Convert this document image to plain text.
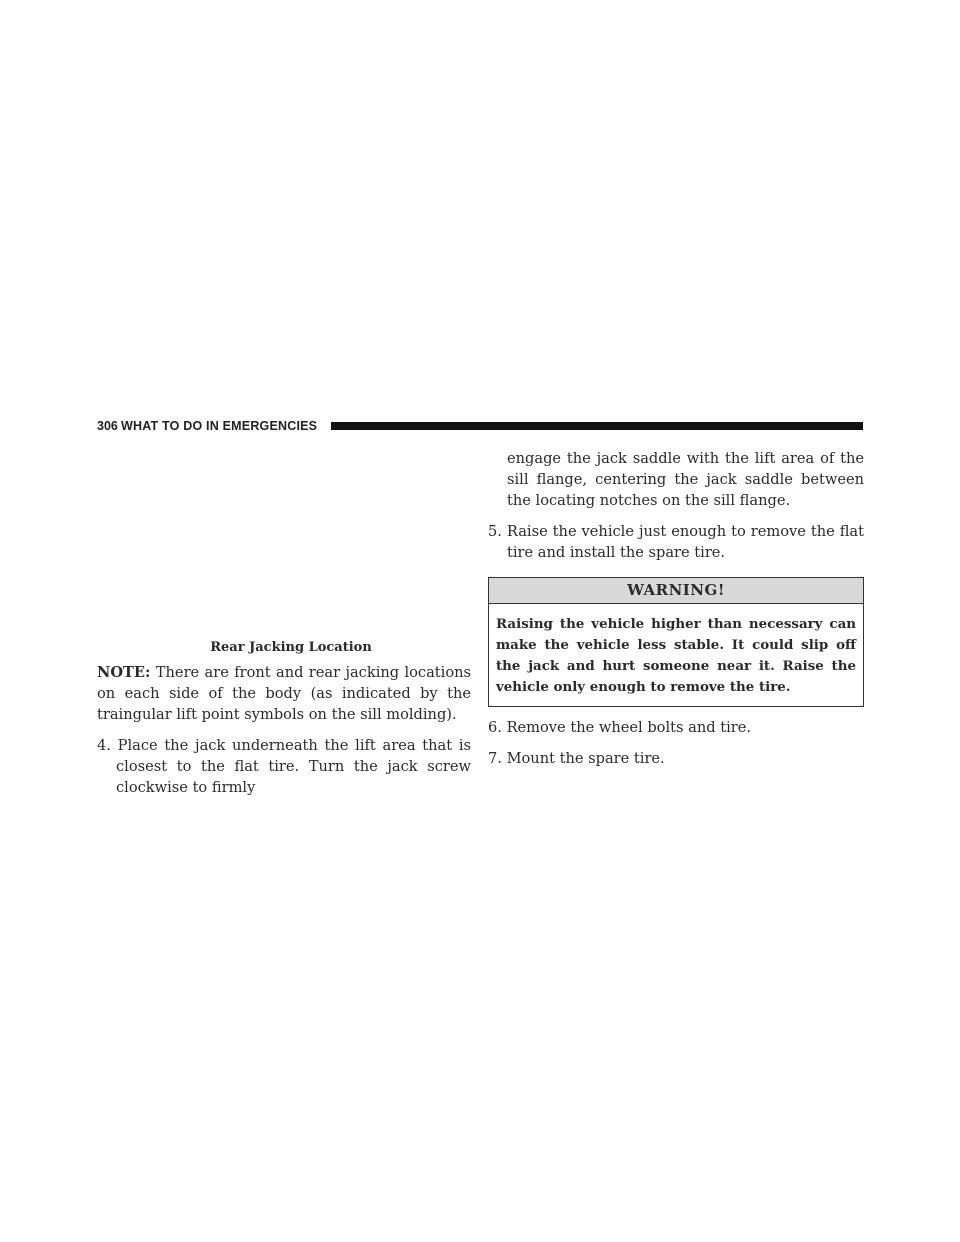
306 WHAT TO DO IN EMERGENCIES
Rear Jacking Location

NOTE: There are front and rear jacking locations on each side of the body (as indicated by the traingular lift point symbols on the sill molding).

4. Place the jack underneath the lift area that is closest to the flat tire. Turn the jack screw clockwise to firmly

engage the jack saddle with the lift area of the sill flange, centering the jack saddle between the locating notches on the sill flange.

5. Raise the vehicle just enough to remove the flat tire and install the spare tire.

WARNING!
Raising the vehicle higher than necessary can make the vehicle less stable. It could slip off the jack and hurt someone near it. Raise the vehicle only enough to remove the tire.

6. Remove the wheel bolts and tire.

7. Mount the spare tire.
